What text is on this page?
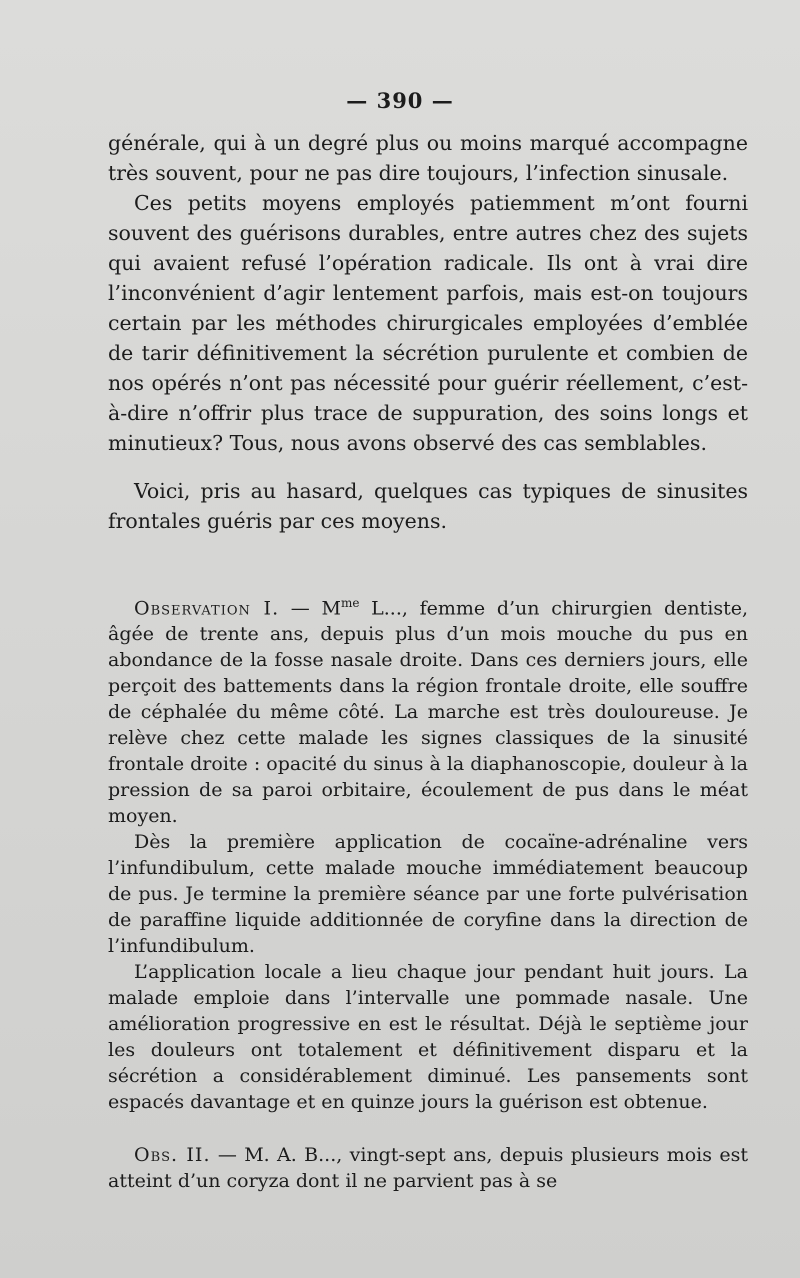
— 390 —

générale, qui à un degré plus ou moins marqué accompagne très souvent, pour ne pas dire toujours, l’infection sinusale.

Ces petits moyens employés patiemment m’ont fourni souvent des guérisons durables, entre autres chez des sujets qui avaient refusé l’opération radicale. Ils ont à vrai dire l’inconvénient d’agir lentement parfois, mais est-on toujours certain par les méthodes chirurgicales employées d’emblée de tarir définitivement la sécrétion purulente et combien de nos opérés n’ont pas nécessité pour guérir réellement, c’est-à-dire n’offrir plus trace de suppuration, des soins longs et minutieux? Tous, nous avons observé des cas semblables.

Voici, pris au hasard, quelques cas typiques de sinusites frontales guéris par ces moyens.

Observation I. — $M^{me}$ L..., femme d’un chirurgien dentiste, âgée de trente ans, depuis plus d’un mois mouche du pus en abondance de la fosse nasale droite. Dans ces derniers jours, elle perçoit des battements dans la région frontale droite, elle souffre de céphalée du même côté. La marche est très douloureuse. Je relève chez cette malade les signes classiques de la sinusité frontale droite : opacité du sinus à la diaphanoscopie, douleur à la pression de sa paroi orbitaire, écoulement de pus dans le méat moyen.

Dès la première application de cocaïne-adrénaline vers l’infundibulum, cette malade mouche immédiatement beaucoup de pus. Je termine la première séance par une forte pulvérisation de paraffine liquide additionnée de coryfine dans la direction de l’infundibulum.

L’application locale a lieu chaque jour pendant huit jours. La malade emploie dans l’intervalle une pommade nasale. Une amélioration progressive en est le résultat. Déjà le septième jour les douleurs ont totalement et définitivement disparu et la sécrétion a considérablement diminué. Les pansements sont espacés davantage et en quinze jours la guérison est obtenue.

Obs. II. — M. A. B..., vingt-sept ans, depuis plusieurs mois est atteint d’un coryza dont il ne parvient pas à se
